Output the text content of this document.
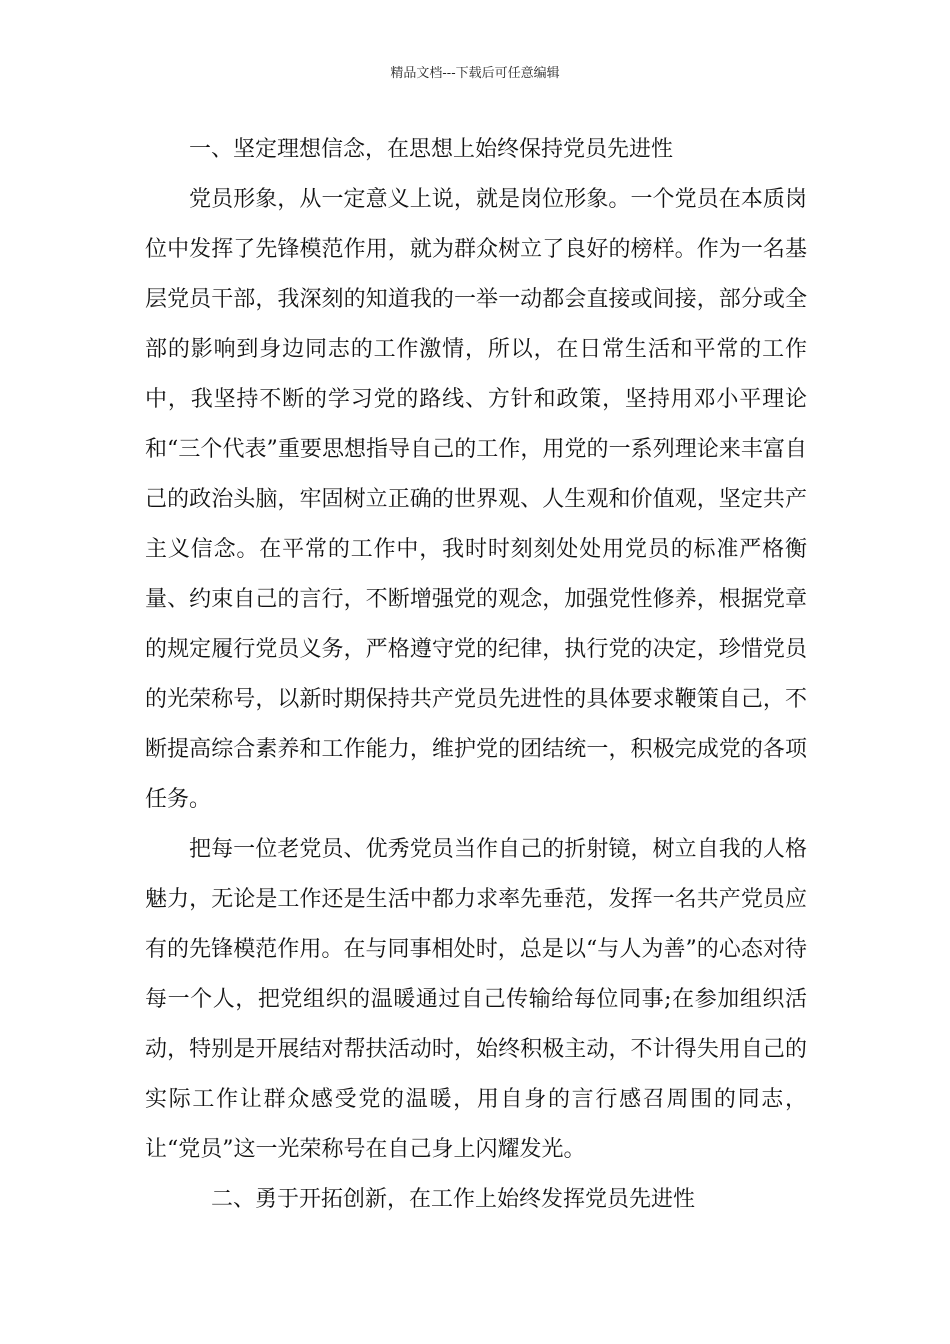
精品文档---下载后可任意编辑

一、坚定理想信念，在思想上始终保持党员先进性

党员形象，从一定意义上说，就是岗位形象。一个党员在本质岗位中发挥了先锋模范作用，就为群众树立了良好的榜样。作为一名基层党员干部，我深刻的知道我的一举一动都会直接或间接，部分或全部的影响到身边同志的工作激情，所以，在日常生活和平常的工作中，我坚持不断的学习党的路线、方针和政策，坚持用邓小平理论和“三个代表”重要思想指导自己的工作，用党的一系列理论来丰富自己的政治头脑，牢固树立正确的世界观、人生观和价值观，坚定共产主义信念。在平常的工作中，我时时刻刻处处用党员的标准严格衡量、约束自己的言行，不断增强党的观念，加强党性修养，根据党章的规定履行党员义务，严格遵守党的纪律，执行党的决定，珍惜党员的光荣称号，以新时期保持共产党员先进性的具体要求鞭策自己，不断提高综合素养和工作能力，维护党的团结统一，积极完成党的各项任务。

把每一位老党员、优秀党员当作自己的折射镜，树立自我的人格魅力，无论是工作还是生活中都力求率先垂范，发挥一名共产党员应有的先锋模范作用。在与同事相处时，总是以“与人为善”的心态对待每一个人，把党组织的温暖通过自己传输给每位同事;在参加组织活动，特别是开展结对帮扶活动时，始终积极主动，不计得失用自己的实际工作让群众感受党的温暖，用自身的言行感召周围的同志，让“党员”这一光荣称号在自己身上闪耀发光。

二、勇于开拓创新，在工作上始终发挥党员先进性
